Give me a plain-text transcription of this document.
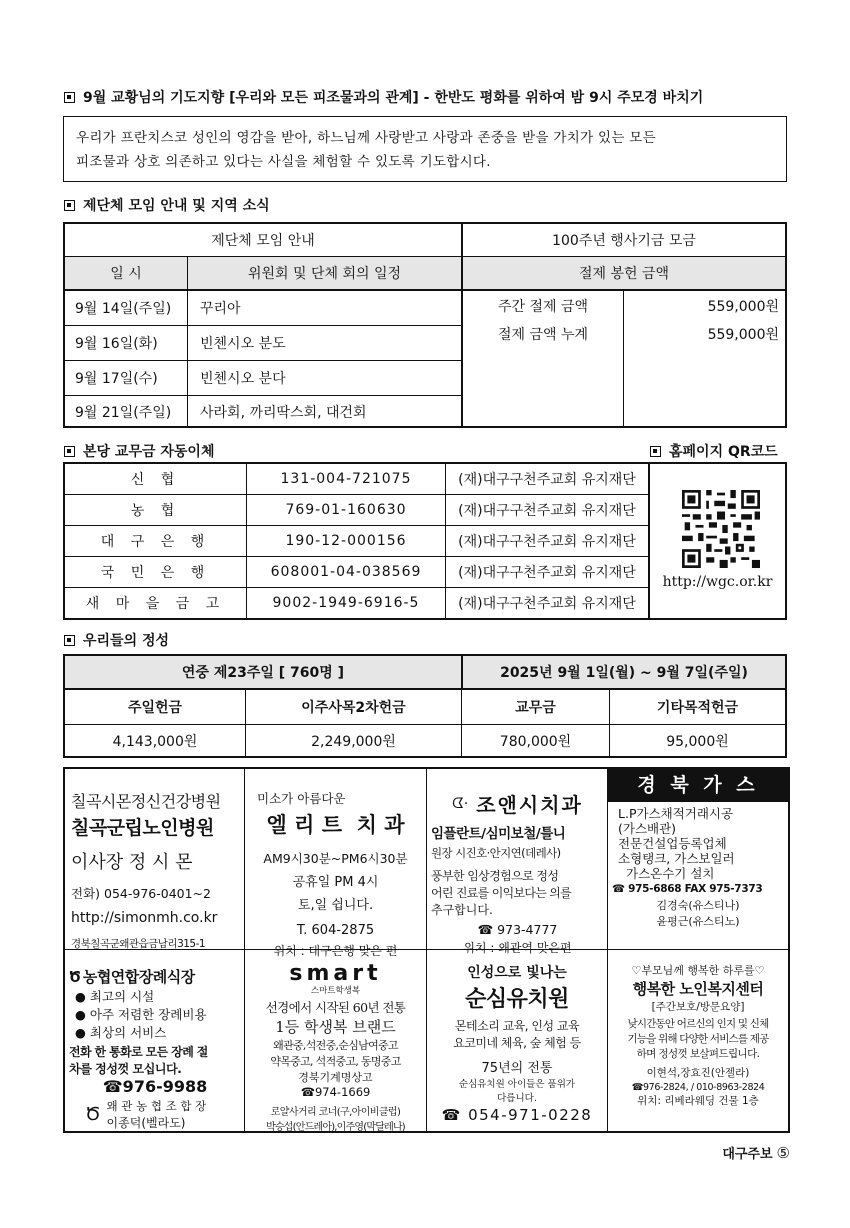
9월 교황님의 기도지향 [우리와 모든 피조물과의 관계] - 한반도 평화를 위하여 밤 9시 주모경 바치기
우리가 프란치스코 성인의 영감을 받아, 하느님께 사랑받고 사랑과 존중을 받을 가치가 있는 모든
피조물과 상호 의존하고 있다는 사실을 체험할 수 있도록 기도합시다.
제단체 모임 안내 및 지역 소식
제단체 모임 안내
일 시	위원회 및 단체 회의 일정
9월 14일(주일)	꾸리아
9월 16일(화)	빈첸시오 분도
9월 17일(수)	빈첸시오 분다
9월 21일(주일)	사라회, 까리딱스회, 대건회
100주년 행사기금 모금
절제 봉헌 금액
주간 절제 금액	559,000원
절제 금액 누계	559,000원
본당 교무금 자동이체	홈페이지 QR코드
신 협	131-004-721075	(재)대구구천주교회 유지재단
농 협	769-01-160630	(재)대구구천주교회 유지재단
대 구 은 행	190-12-000156	(재)대구구천주교회 유지재단
국 민 은 행	608001-04-038569	(재)대구구천주교회 유지재단
새 마 을 금 고	9002-1949-6916-5	(재)대구구천주교회 유지재단
http://wgc.or.kr
우리들의 정성
연중 제23주일 [ 760명 ]	2025년 9월 1일(월) ~ 9월 7일(주일)
주일헌금	이주사목2차헌금	교무금	기타목적헌금
4,143,000원	2,249,000원	780,000원	95,000원
칠곡시몬정신건강병원
칠곡군립노인병원
이사장 정 시 몬
전화) 054-976-0401~2
http://simonmh.co.kr
경북칠곡군왜관읍금남리315-1
미소가 아름다운
엘 리 트  치 과
AM9시30분~PM6시30분
공휴일 PM 4시
토,일 쉽니다.
T. 604-2875
위치 : 대구은행 맞은 편
ᗧ· 조앤시치과
임플란트/심미보철/틀니
원장 시진호·안지연(데레사)
풍부한 임상경험으로 정성
어린 진료를 이익보다는 의를
추구합니다.
☎ 973-4777
위치 : 왜관역 맞은편
경 북 가 스
L.P가스채적거래시공
(가스배관)
전문건설업등록업체
소형탱크, 가스보일러
가스온수기 설치
☎ 975-6868 FAX 975-7373
김경숙(유스티나)
윤평근(유스티노)
Ծ 농협연합장례식장
● 최고의 시설
● 아주 저렴한 장례비용
● 최상의 서비스
전화 한 통화로 모든 장례 절
차를 정성껏 모십니다.
☎976-9988
Ծ 왜 관 농 협 조 합 장
이종덕(벨라도)
smart
스마트학생복
선경에서 시작된 60년 전통
1등 학생복 브랜드
왜관중,석전중,순심남여중고
약목중고, 석적중고, 동명중고
경북기계명상고
☎974-1669
로얄사거리 코너(구,아이비클럽)
박승섭(안드레아),이주영(막달레나)
인성으로 빛나는
순심유치원
몬테소리 교육, 인성 교육
요코미네 체육, 숲 체험 등
75년의 전통
순심유치원 아이들은 품위가
다릅니다.
☎ 054-971-0228
♡부모님께 행복한 하루를♡
행복한 노인복지센터
[주간보호/방문요양]
낮시간동안 어르신의 인지 및 신체
기능을 위해 다양한 서비스를 제공
하며 정성껏 보살펴드립니다.
이현석,장효진(안젤라)
☎976-2824, / 010-8963-2824
위치: 리베라웨딩 건물 1층
대구주보 ⑤
